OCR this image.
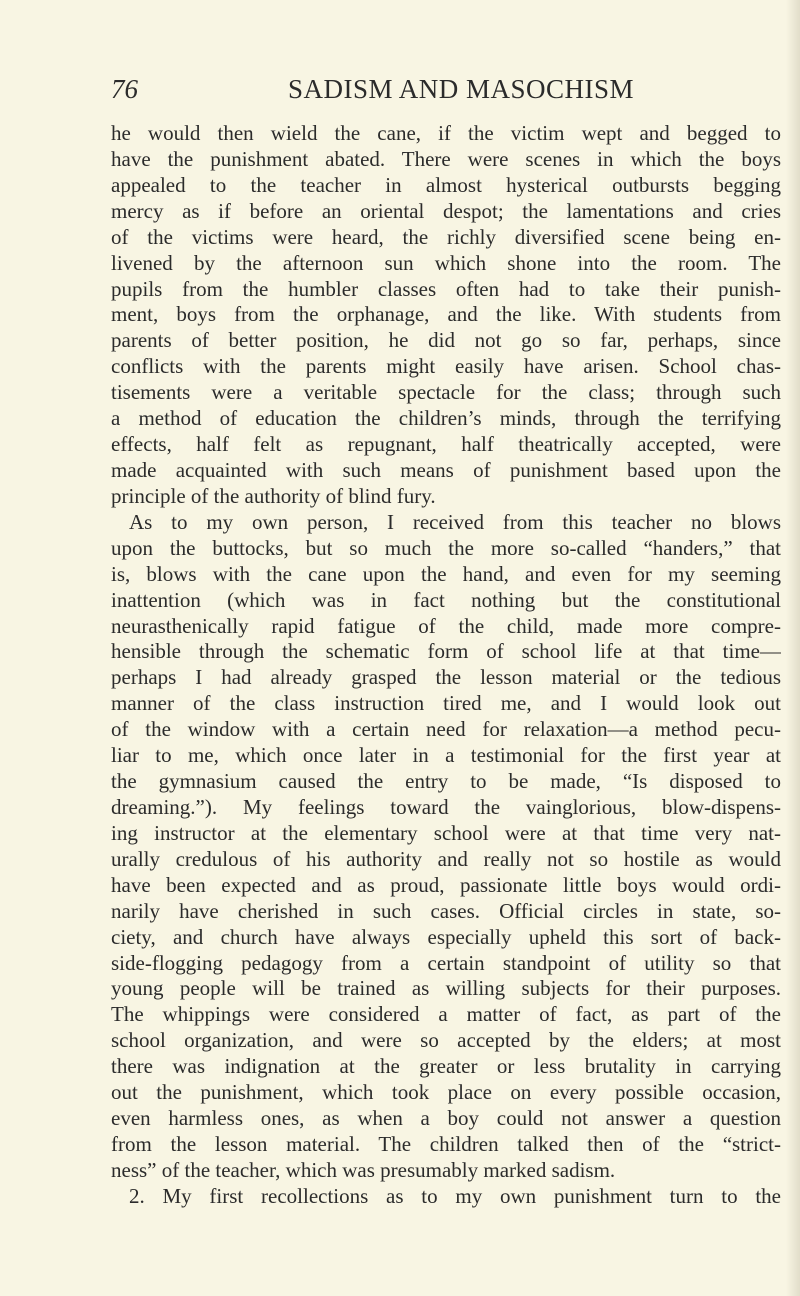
76	SADISM AND MASOCHISM
he would then wield the cane, if the victim wept and begged to
have the punishment abated. There were scenes in which the boys
appealed to the teacher in almost hysterical outbursts begging
mercy as if before an oriental despot; the lamentations and cries
of the victims were heard, the richly diversified scene being en-
livened by the afternoon sun which shone into the room. The
pupils from the humbler classes often had to take their punish-
ment, boys from the orphanage, and the like. With students from
parents of better position, he did not go so far, perhaps, since
conflicts with the parents might easily have arisen. School chas-
tisements were a veritable spectacle for the class; through such
a method of education the children’s minds, through the terrifying
effects, half felt as repugnant, half theatrically accepted, were
made acquainted with such means of punishment based upon the
principle of the authority of blind fury.
As to my own person, I received from this teacher no blows
upon the buttocks, but so much the more so-called “handers,” that
is, blows with the cane upon the hand, and even for my seeming
inattention (which was in fact nothing but the constitutional
neurasthenically rapid fatigue of the child, made more compre-
hensible through the schematic form of school life at that time—
perhaps I had already grasped the lesson material or the tedious
manner of the class instruction tired me, and I would look out
of the window with a certain need for relaxation—a method pecu-
liar to me, which once later in a testimonial for the first year at
the gymnasium caused the entry to be made, “Is disposed to
dreaming.”). My feelings toward the vainglorious, blow-dispens-
ing instructor at the elementary school were at that time very nat-
urally credulous of his authority and really not so hostile as would
have been expected and as proud, passionate little boys would ordi-
narily have cherished in such cases. Official circles in state, so-
ciety, and church have always especially upheld this sort of back-
side-flogging pedagogy from a certain standpoint of utility so that
young people will be trained as willing subjects for their purposes.
The whippings were considered a matter of fact, as part of the
school organization, and were so accepted by the elders; at most
there was indignation at the greater or less brutality in carrying
out the punishment, which took place on every possible occasion,
even harmless ones, as when a boy could not answer a question
from the lesson material. The children talked then of the “strict-
ness” of the teacher, which was presumably marked sadism.
2. My first recollections as to my own punishment turn to the
